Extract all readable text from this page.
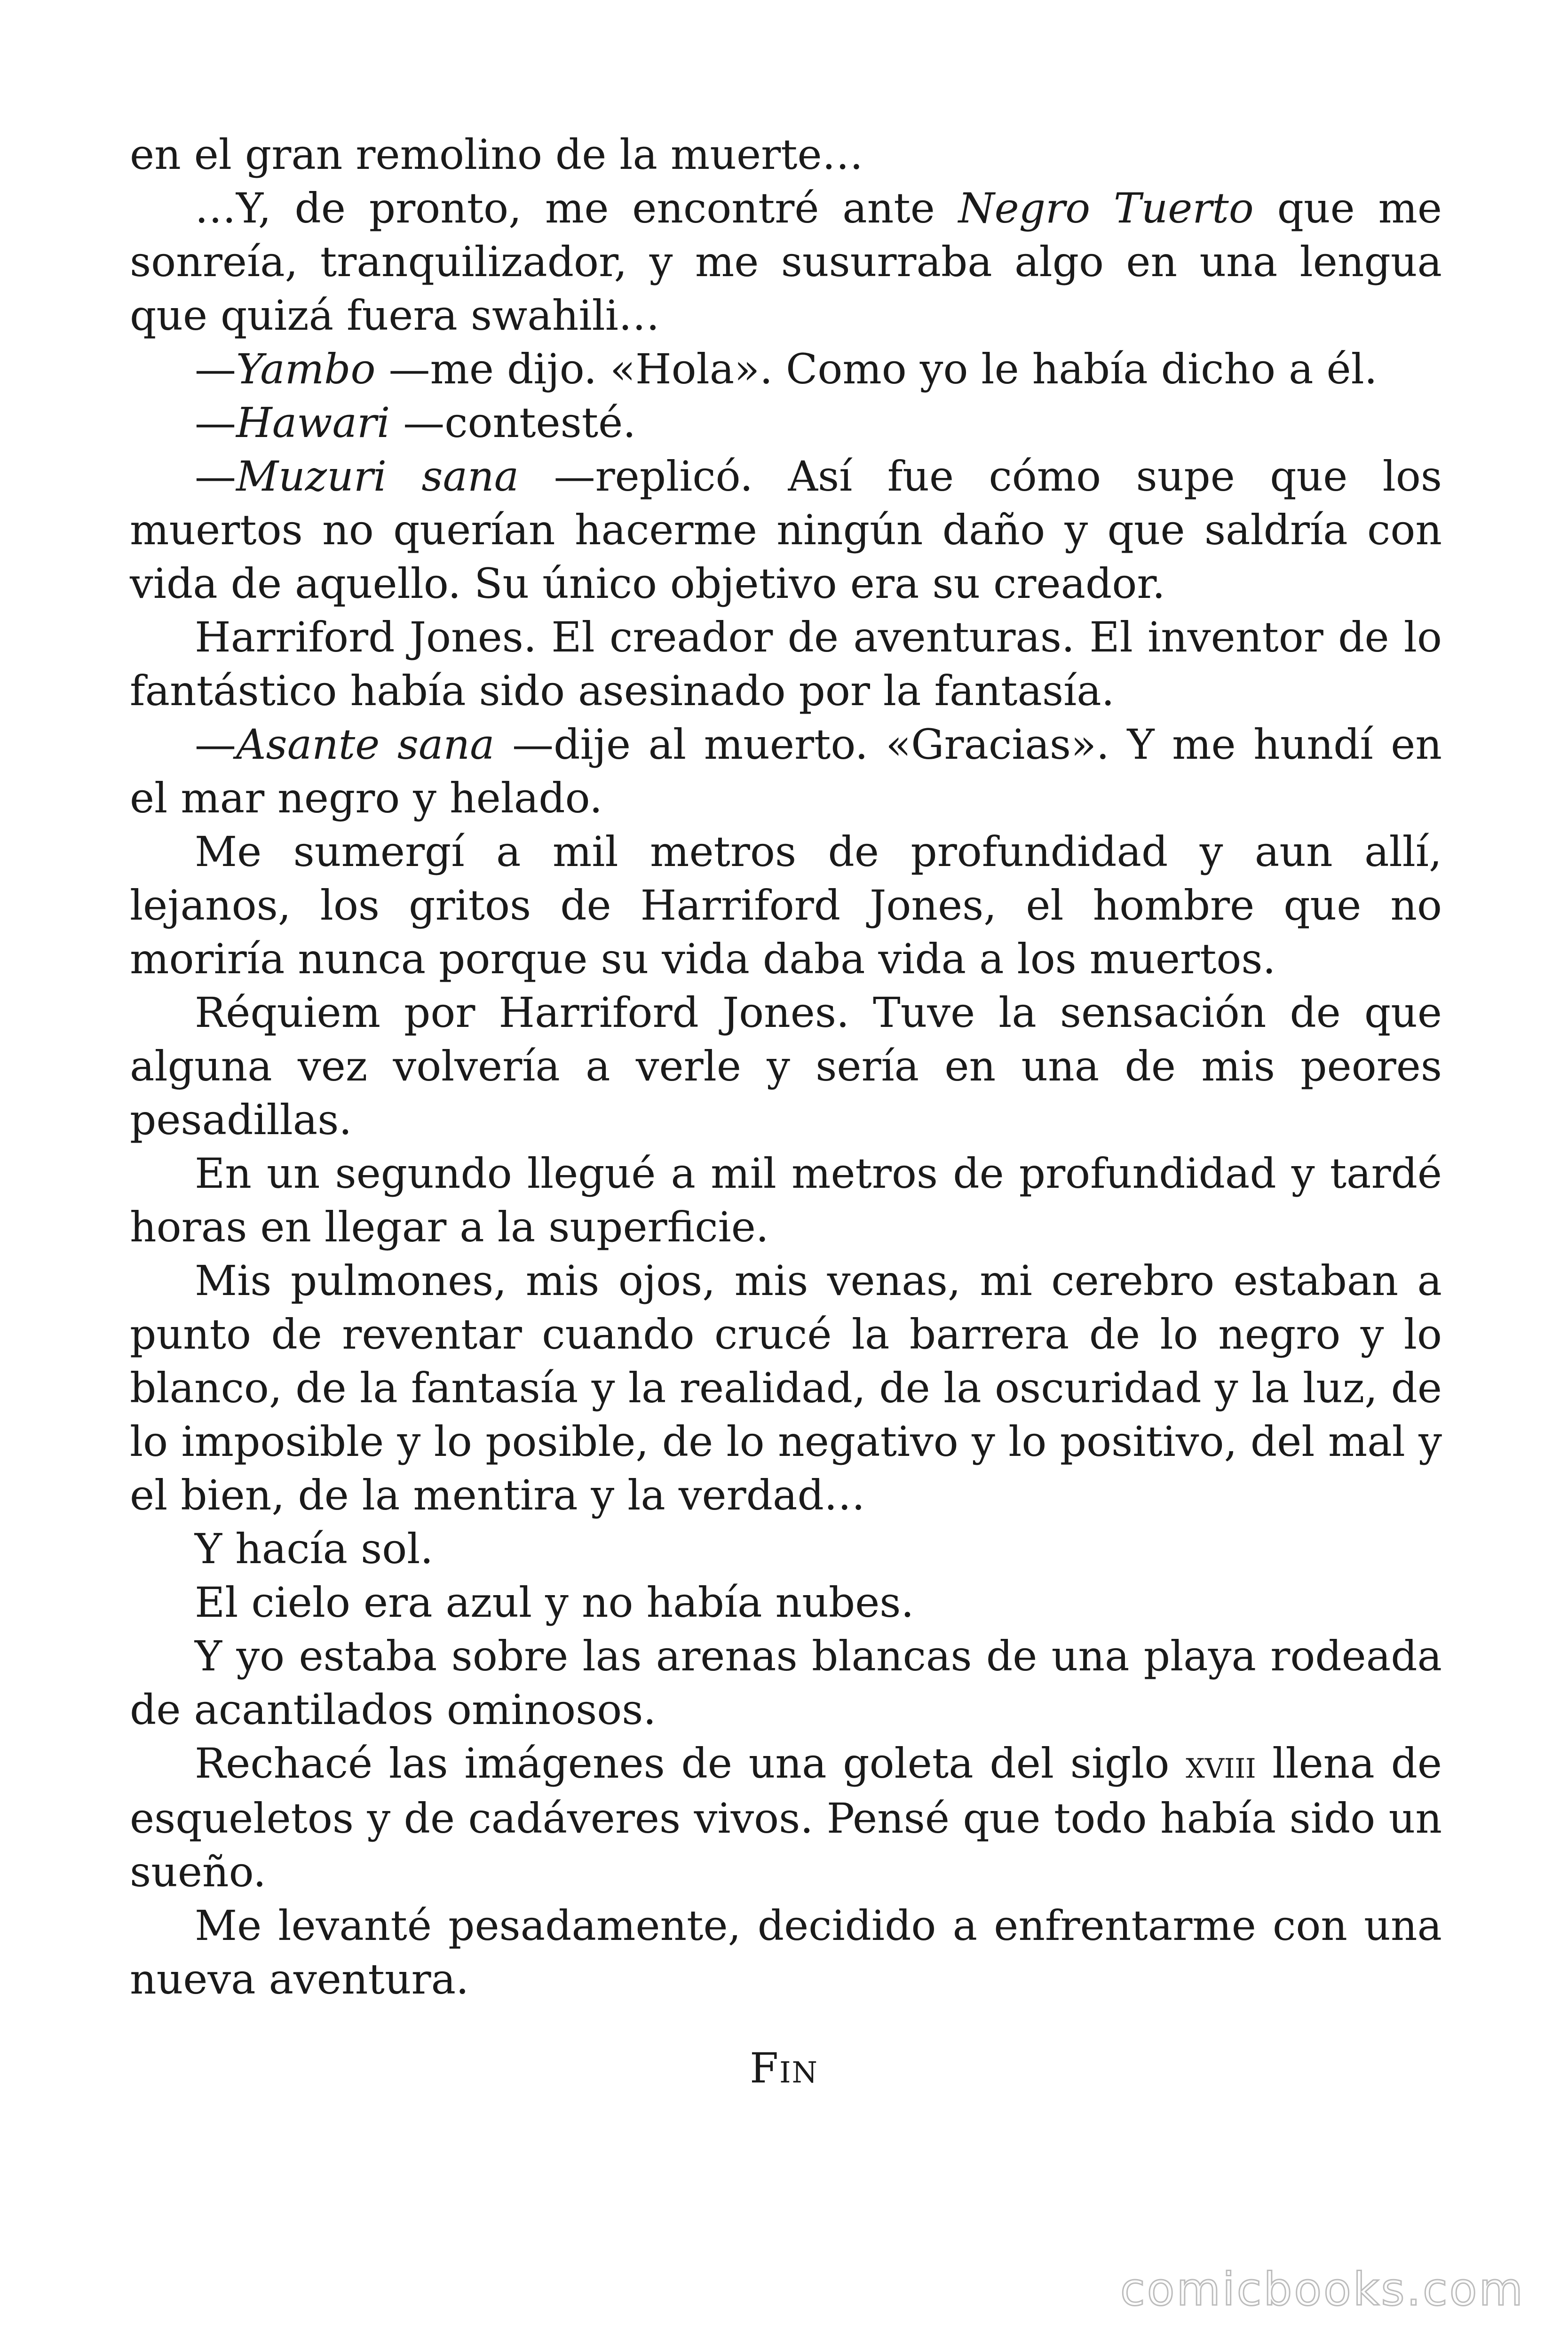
en el gran remolino de la muerte…

…Y, de pronto, me encontré ante Negro Tuerto que me sonreía, tranquilizador, y me susurraba algo en una lengua que quizá fuera swahili…

—Yambo —me dijo. «Hola». Como yo le había dicho a él.

—Hawari —contesté.

—Muzuri sana —replicó. Así fue cómo supe que los muertos no querían hacerme ningún daño y que saldría con vida de aquello. Su único objetivo era su creador.

Harriford Jones. El creador de aventuras. El inventor de lo fantástico había sido asesinado por la fantasía.

—Asante sana —dije al muerto. «Gracias». Y me hundí en el mar negro y helado.

Me sumergí a mil metros de profundidad y aun allí, lejanos, los gritos de Harriford Jones, el hombre que no moriría nunca porque su vida daba vida a los muertos.

Réquiem por Harriford Jones. Tuve la sensación de que alguna vez volvería a verle y sería en una de mis peores pesadillas.

En un segundo llegué a mil metros de profundidad y tardé horas en llegar a la superficie.

Mis pulmones, mis ojos, mis venas, mi cerebro estaban a punto de reventar cuando crucé la barrera de lo negro y lo blanco, de la fantasía y la realidad, de la oscuridad y la luz, de lo imposible y lo posible, de lo negativo y lo positivo, del mal y el bien, de la mentira y la verdad…

Y hacía sol.

El cielo era azul y no había nubes.

Y yo estaba sobre las arenas blancas de una playa rodeada de acantilados ominosos.

Rechacé las imágenes de una goleta del siglo xviii llena de esqueletos y de cadáveres vivos. Pensé que todo había sido un sueño.

Me levanté pesadamente, decidido a enfrentarme con una nueva aventura.

Fin
comicbooks.com
